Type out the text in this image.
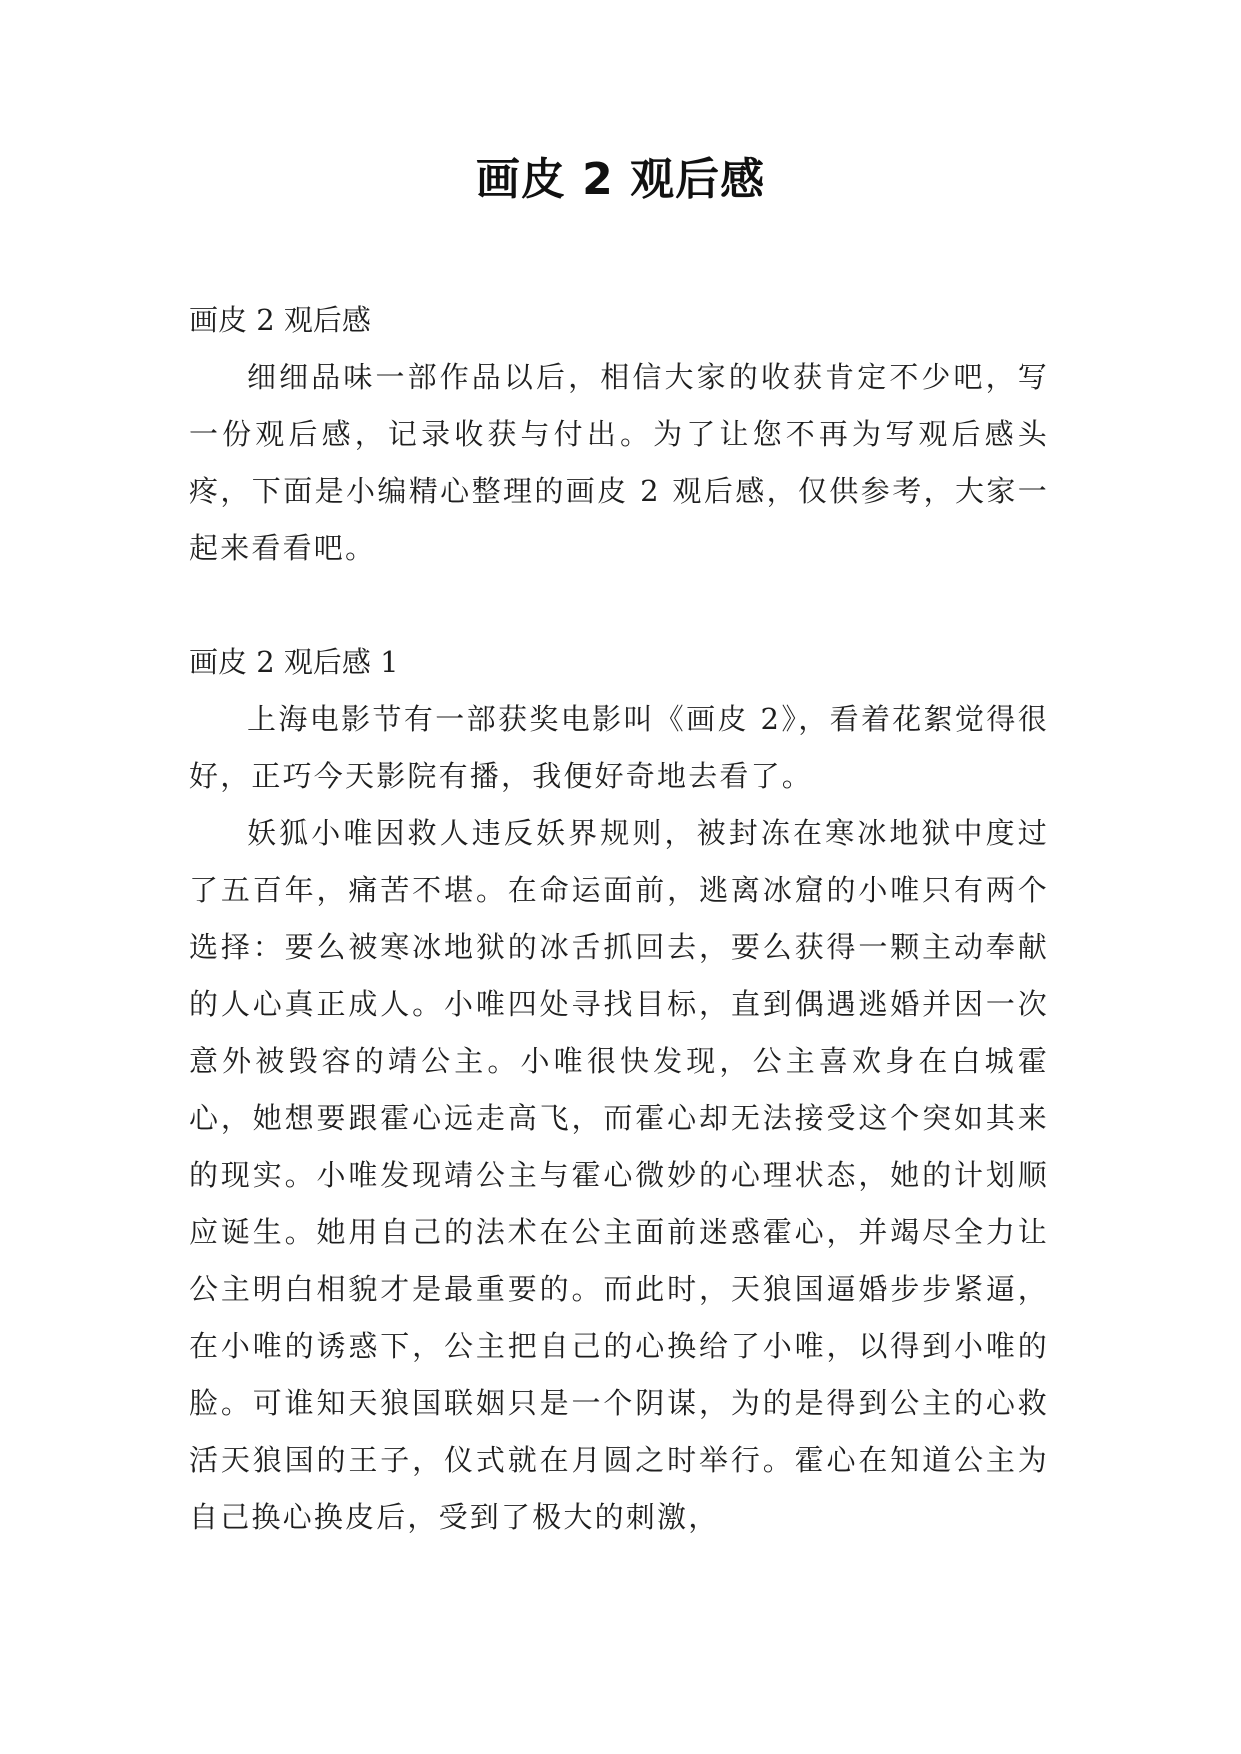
画皮 2 观后感
画皮 2 观后感

细细品味一部作品以后，相信大家的收获肯定不少吧，写一份观后感，记录收获与付出。为了让您不再为写观后感头疼，下面是小编精心整理的画皮 2 观后感，仅供参考，大家一起来看看吧。

画皮 2 观后感 1

上海电影节有一部获奖电影叫《画皮 2》，看着花絮觉得很好，正巧今天影院有播，我便好奇地去看了。

妖狐小唯因救人违反妖界规则，被封冻在寒冰地狱中度过了五百年，痛苦不堪。在命运面前，逃离冰窟的小唯只有两个选择：要么被寒冰地狱的冰舌抓回去，要么获得一颗主动奉献的人心真正成人。小唯四处寻找目标，直到偶遇逃婚并因一次意外被毁容的靖公主。小唯很快发现，公主喜欢身在白城霍心，她想要跟霍心远走高飞，而霍心却无法接受这个突如其来的现实。小唯发现靖公主与霍心微妙的心理状态，她的计划顺应诞生。她用自己的法术在公主面前迷惑霍心，并竭尽全力让公主明白相貌才是最重要的。而此时，天狼国逼婚步步紧逼，在小唯的诱惑下，公主把自己的心换给了小唯，以得到小唯的脸。可谁知天狼国联姻只是一个阴谋，为的是得到公主的心救活天狼国的王子，仪式就在月圆之时举行。霍心在知道公主为自己换心换皮后，受到了极大的刺激，
